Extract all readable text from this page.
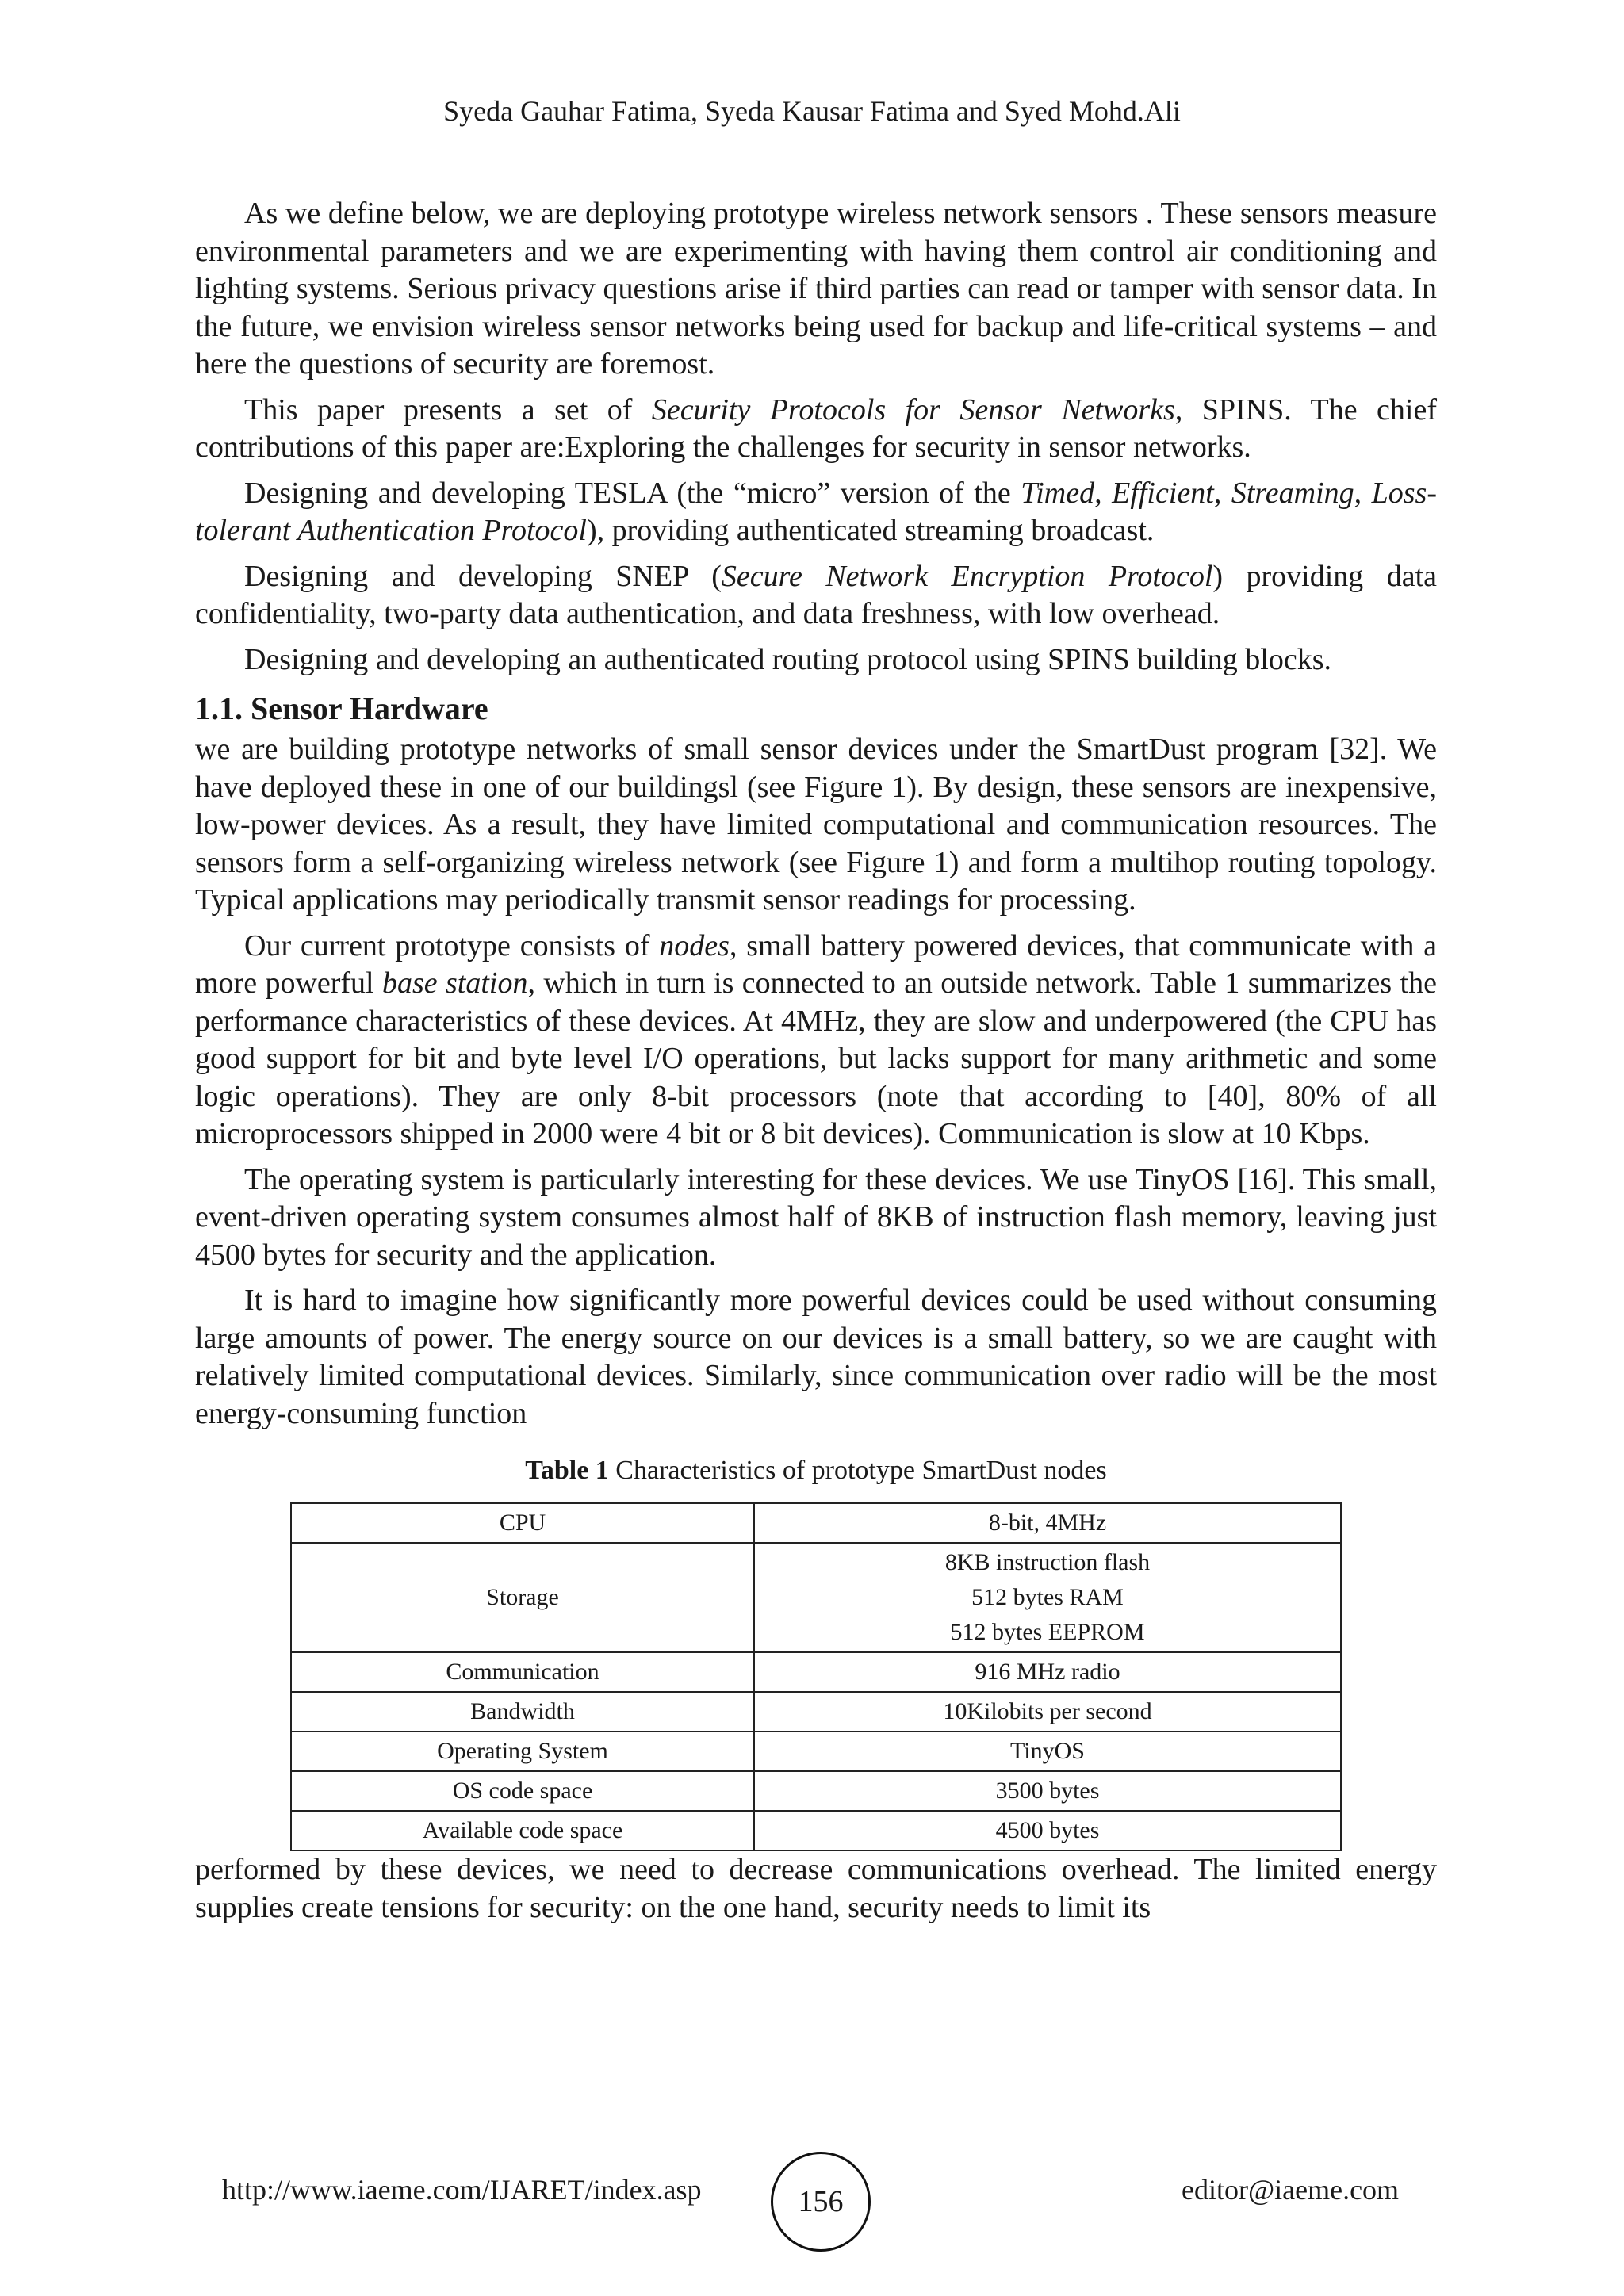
Syeda Gauhar Fatima, Syeda Kausar Fatima and Syed Mohd.Ali

As we define below, we are deploying prototype wireless network sensors . These sensors measure environmental parameters and we are experimenting with having them control air conditioning and lighting systems. Serious privacy questions arise if third parties can read or tamper with sensor data. In the future, we envision wireless sensor networks being used for backup and life-critical systems – and here the questions of security are foremost.

This paper presents a set of Security Protocols for Sensor Networks, SPINS. The chief contributions of this paper are:Exploring the challenges for security in sensor networks.

Designing and developing TESLA (the “micro” version of the Timed, Efficient, Streaming, Loss-tolerant Authentication Protocol), providing authenticated streaming broadcast.

Designing and developing SNEP (Secure Network Encryption Protocol) providing data confidentiality, two-party data authentication, and data freshness, with low overhead.

Designing and developing an authenticated routing protocol using SPINS building blocks.

1.1. Sensor Hardware

we are building prototype networks of small sensor devices under the SmartDust program [32]. We have deployed these in one of our buildingsl (see Figure 1). By design, these sensors are inexpensive, low-power devices. As a result, they have limited computational and communication resources. The sensors form a self-organizing wireless network (see Figure 1) and form a multihop routing topology. Typical applications may periodically transmit sensor readings for processing.

Our current prototype consists of nodes, small battery powered devices, that communicate with a more powerful base station, which in turn is connected to an outside network. Table 1 summarizes the performance characteristics of these devices. At 4MHz, they are slow and underpowered (the CPU has good support for bit and byte level I/O operations, but lacks support for many arithmetic and some logic operations). They are only 8-bit processors (note that according to [40], 80% of all microprocessors shipped in 2000 were 4 bit or 8 bit devices). Communication is slow at 10 Kbps.

The operating system is particularly interesting for these devices. We use TinyOS [16]. This small, event-driven operating system consumes almost half of 8KB of instruction flash memory, leaving just 4500 bytes for security and the application.

It is hard to imagine how significantly more powerful devices could be used without consuming large amounts of power. The energy source on our devices is a small battery, so we are caught with relatively limited computational devices. Similarly, since communication over radio will be the most energy-consuming function

Table 1 Characteristics of prototype SmartDust nodes
CPU	8-bit, 4MHz
Storage	8KB instruction flash
512 bytes RAM
512 bytes EEPROM

Communication	916 MHz radio
Bandwidth	10Kilobits per second
Operating System	TinyOS
OS code space	3500 bytes
Available code space	4500 bytes

performed by these devices, we need to decrease communications overhead. The limited energy supplies create tensions for security: on the one hand, security needs to limit its

http://www.iaeme.com/IJARET/index.asp	156	editor@iaeme.com
